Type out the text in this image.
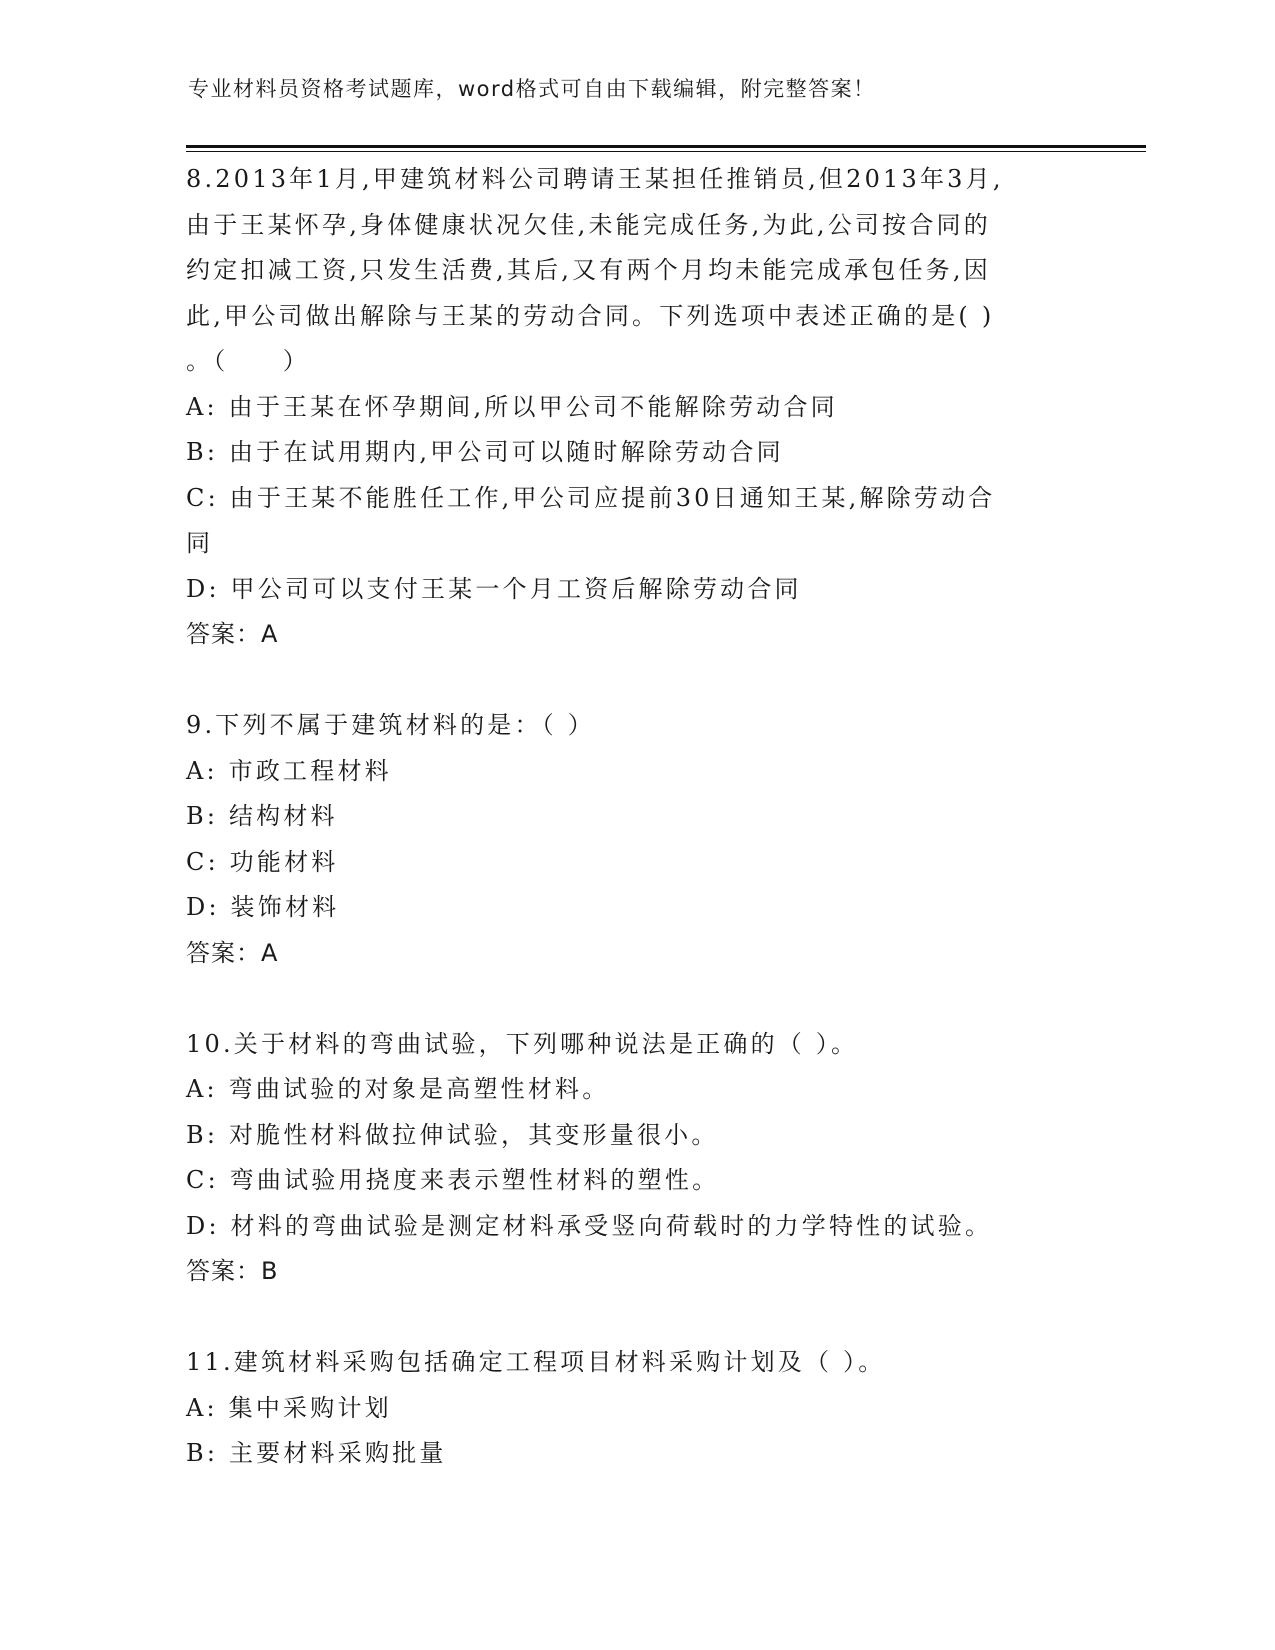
专业材料员资格考试题库，word格式可自由下载编辑，附完整答案！
8.2013年1月,甲建筑材料公司聘请王某担任推销员,但2013年3月,
由于王某怀孕,身体健康状况欠佳,未能完成任务,为此,公司按合同的
约定扣减工资,只发生活费,其后,又有两个月均未能完成承包任务,因
此,甲公司做出解除与王某的劳动合同。下列选项中表述正确的是( )
。（　　）
A: 由于王某在怀孕期间,所以甲公司不能解除劳动合同
B: 由于在试用期内,甲公司可以随时解除劳动合同
C: 由于王某不能胜任工作,甲公司应提前30日通知王某,解除劳动合
同
D: 甲公司可以支付王某一个月工资后解除劳动合同
答案：A
9.下列不属于建筑材料的是：（ ）
A: 市政工程材料
B: 结构材料
C: 功能材料
D: 装饰材料
答案：A
10.关于材料的弯曲试验，下列哪种说法是正确的（ ）。
A: 弯曲试验的对象是高塑性材料。
B: 对脆性材料做拉伸试验，其变形量很小。
C: 弯曲试验用挠度来表示塑性材料的塑性。
D: 材料的弯曲试验是测定材料承受竖向荷载时的力学特性的试验。
答案：B
11.建筑材料采购包括确定工程项目材料采购计划及（ ）。
A: 集中采购计划
B: 主要材料采购批量
